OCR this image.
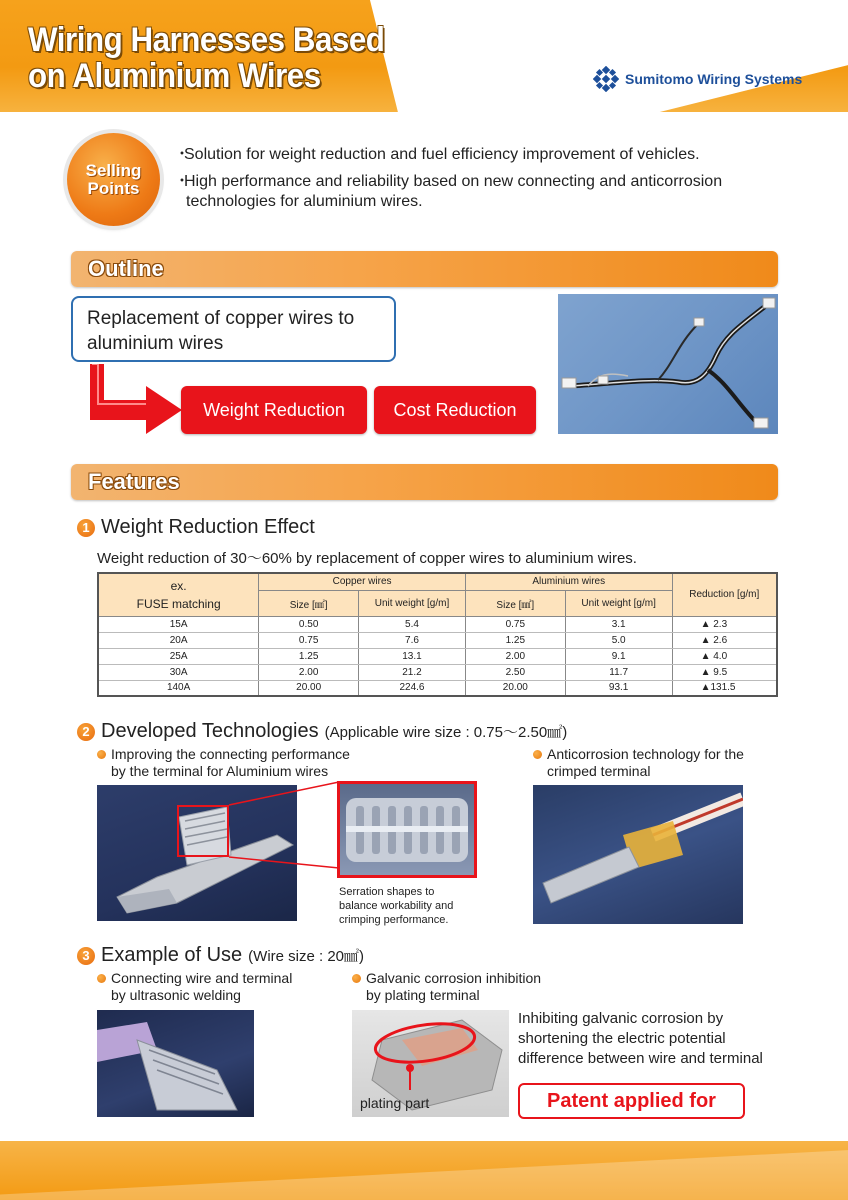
Wiring Harnesses Based
on Aluminium Wires	Sumitomo Wiring Systems
Selling
Points
・ Solution for weight reduction and fuel efficiency improvement of vehicles.
・ High performance and reliability based on new connecting and anticorrosion technologies for aluminium wires.
Outline
Replacement of copper wires to aluminium wires
Weight Reduction	Cost Reduction
Features
1 Weight Reduction Effect
Weight reduction of 30～60% by replacement of copper wires to aluminium wires.
ex.
FUSE matching	Copper wires		Aluminium wires		Reduction [g/m]
	Size [㎟]	Unit weight [g/m]	Size [㎟]	Unit weight [g/m]	
15A	0.50	5.4	0.75	3.1	▲ 2.3
20A	0.75	7.6	1.25	5.0	▲ 2.6
25A	1.25	13.1	2.00	9.1	▲ 4.0
30A	2.00	21.2	2.50	11.7	▲ 9.5
140A	20.00	224.6	20.00	93.1	▲131.5
2 Developed Technologies (Applicable wire size : 0.75～2.50㎟)
Improving the connecting performance
by the terminal for Aluminium wires
Anticorrosion technology for the
crimped terminal
Serration shapes to
balance workability and
crimping performance.
3 Example of Use (Wire size : 20㎟)
Connecting wire and terminal
by ultrasonic welding
Galvanic corrosion inhibition
by plating terminal
plating part
Inhibiting galvanic corrosion by shortening the electric potential difference between wire and terminal
Patent applied for
